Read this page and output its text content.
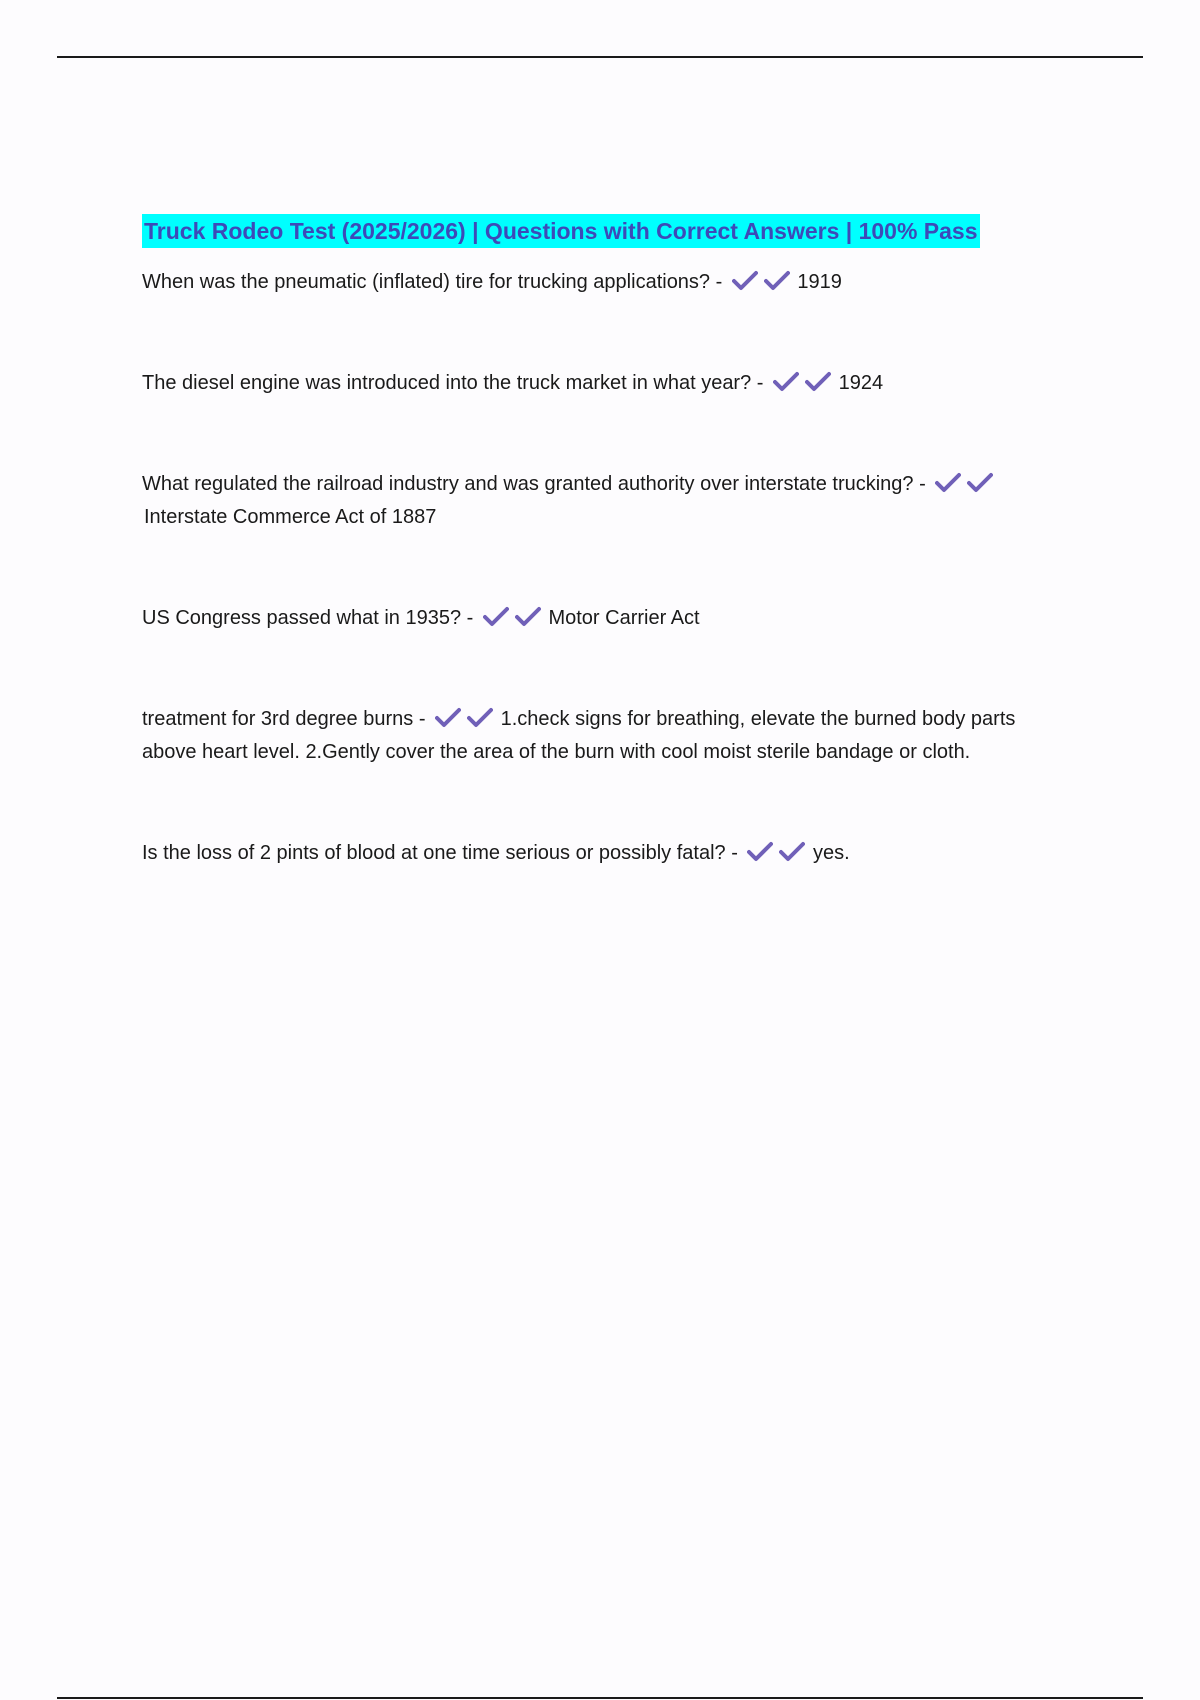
Truck Rodeo Test (2025/2026) | Questions with Correct Answers | 100% Pass

When was the pneumatic (inflated) tire for trucking applications? -	1919

The diesel engine was introduced into the truck market in what year? -	1924

What regulated the railroad industry and was granted authority over interstate trucking? -
Interstate Commerce Act of 1887

US Congress passed what in 1935? -	Motor Carrier Act

treatment for 3rd degree burns -	1.check signs for breathing, elevate the burned body parts above heart level. 2.Gently cover the area of the burn with cool moist sterile bandage or cloth.

Is the loss of 2 pints of blood at one time serious or possibly fatal? -	yes.
